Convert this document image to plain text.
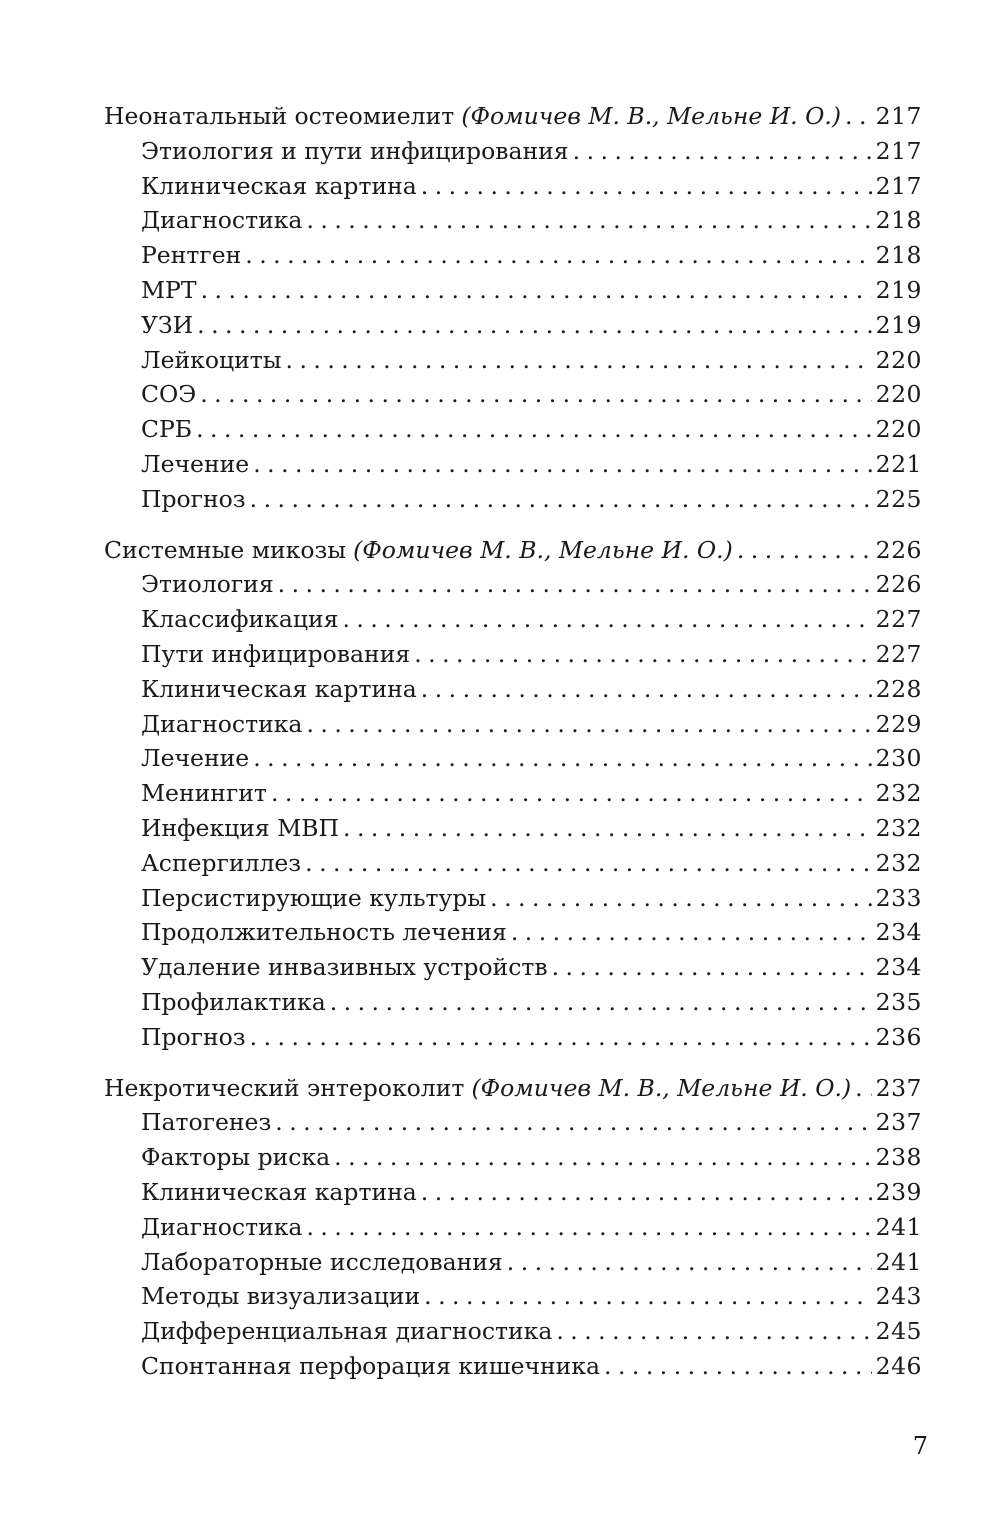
Неонатальный остеомиелит (Фомичев М. В., Мельне И. О.) . . . 217
Этиология и пути инфицирования . . .	217
Клиническая картина . . .	217
Диагностика . . .	218
Рентген . . .	218
МРТ . . .	219
УЗИ . . .	219
Лейкоциты . . .	220
СОЭ . . .	220
СРБ . . .	220
Лечение . . .	221
Прогноз . . .	225
Системные микозы (Фомичев М. В., Мельне И. О.) . . .	226
Этиология . . .	226
Классификация . . .	227
Пути инфицирования . . .	227
Клиническая картина . . .	228
Диагностика . . .	229
Лечение . . .	230
Менингит . . .	232
Инфекция МВП . . .	232
Аспергиллез . . .	232
Персистирующие культуры . . .	233
Продолжительность лечения . . .	234
Удаление инвазивных устройств . . .	234
Профилактика . . .	235
Прогноз . . .	236
Некротический энтероколит (Фомичев М. В., Мельне И. О.) . . . 237
Патогенез . . .	237
Факторы риска . . .	238
Клиническая картина . . .	239
Диагностика . . .	241
Лабораторные исследования . . .	241
Методы визуализации . . .	243
Дифференциальная диагностика . . .	245
Спонтанная перфорация кишечника . . .	246
7
